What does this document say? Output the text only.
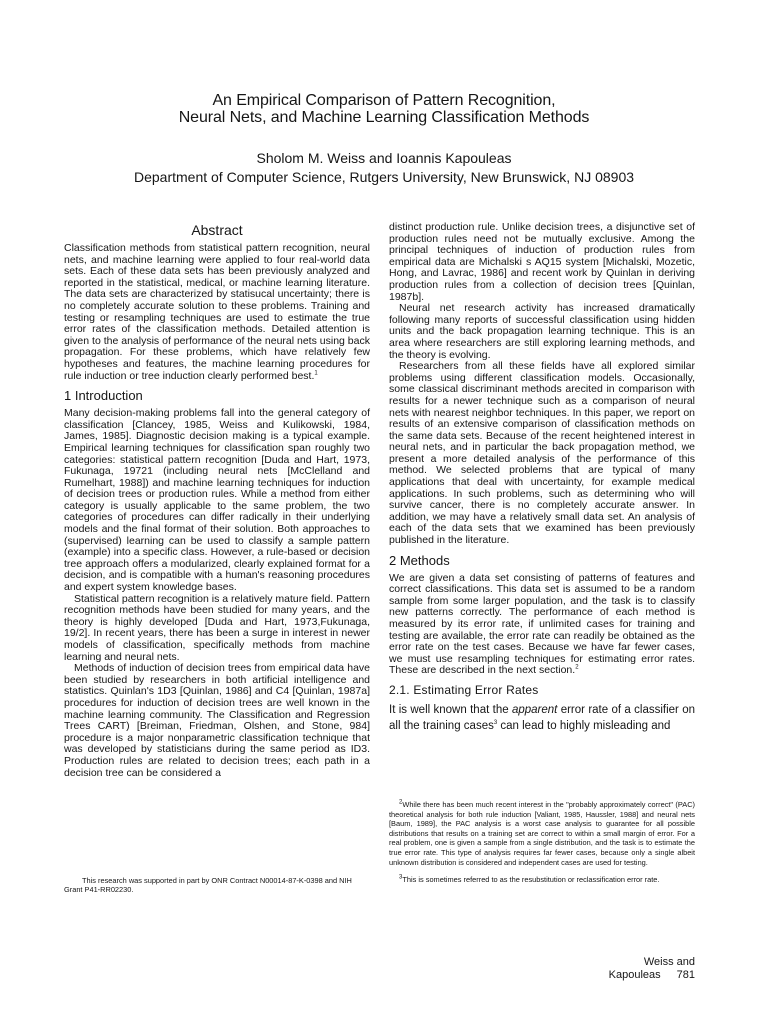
An Empirical Comparison of Pattern Recognition,
Neural Nets, and Machine Learning Classification Methods
Sholom M. Weiss and Ioannis Kapouleas
Department of Computer Science, Rutgers University, New Brunswick, NJ 08903
Abstract

Classification methods from statistical pattern recognition, neural nets, and machine learning were applied to four real-world data sets. Each of these data sets has been previously analyzed and reported in the statistical, medical, or machine learning literature. The data sets are characterized by statisucal uncertainty; there is no completely accurate solution to these problems. Training and testing or resampling techniques are used to estimate the true error rates of the classification methods. Detailed attention is given to the analysis of performance of the neural nets using back propagation. For these problems, which have relatively few hypotheses and features, the machine learning procedures for rule induction or tree induction clearly performed best.$^1$

1 Introduction

Many decision-making problems fall into the general category of classification [Clancey, 1985, Weiss and Kulikowski, 1984, James, 1985]. Diagnostic decision making is a typical example. Empirical learning techniques for classification span roughly two categories: statistical pattern recognition [Duda and Hart, 1973, Fukunaga, 19721 (including neural nets [McClelland and Rumelhart, 1988]) and machine learning techniques for induction of decision trees or production rules. While a method from either category is usually applicable to the same problem, the two categories of procedures can differ radically in their underlying models and the final format of their solution. Both approaches to (supervised) learning can be used to classify a sample pattern (example) into a specific class. However, a rule-based or decision tree approach offers a modularized, clearly explained format for a decision, and is compatible with a human's reasoning procedures and expert system knowledge bases.

Statistical pattern recognition is a relatively mature field. Pattern recognition methods have been studied for many years, and the theory is highly developed [Duda and Hart, 1973,Fukunaga, 19/2]. In recent years, there has been a surge in interest in newer models of classification, specifically methods from machine learning and neural nets.

Methods of induction of decision trees from empirical data have been studied by researchers in both artificial intelligence and statistics. Quinlan's 1D3 [Quinlan, 1986] and C4 [Quinlan, 1987a] procedures for induction of decision trees are well known in the machine learning community. The Classification and Regression Trees CART) [Breiman, Friedman, Olshen, and Stone, 984] procedure is a major nonparametric classification technique that was developed by statisticians during the same period as ID3. Production rules are related to decision trees; each path in a decision tree can be considered a

distinct production rule. Unlike decision trees, a disjunctive set of production rules need not be mutually exclusive. Among the principal techniques of induction of production rules from empirical data are Michalski s AQ15 system [Michalski, Mozetic, Hong, and Lavrac, 1986] and recent work by Quinlan in deriving production rules from a collection of decision trees [Quinlan, 1987b].

Neural net research activity has increased dramatically following many reports of successful classification using hidden units and the back propagation learning technique. This is an area where researchers are still exploring learning methods, and the theory is evolving.

Researchers from all these fields have all explored similar problems using different classification models. Occasionally, some classical discriminant methods arecited in comparison with results for a newer technique such as a comparison of neural nets with nearest neighbor techniques. In this paper, we report on results of an extensive comparison of classification methods on the same data sets. Because of the recent heightened interest in neural nets, and in particular the back propagation method, we present a more detailed analysis of the performance of this method. We selected problems that are typical of many applications that deal with uncertainty, for example medical applications. In such problems, such as determining who will survive cancer, there is no completely accurate answer. In addition, we may have a relatively small data set. An analysis of each of the data sets that we examined has been previously published in the literature.

2 Methods

We are given a data set consisting of patterns of features and correct classifications. This data set is assumed to be a random sample from some larger population, and the task is to classify new patterns correctly. The performance of each method is measured by its error rate, if unlimited cases for training and testing are available, the error rate can readily be obtained as the error rate on the test cases. Because we have far fewer cases, we must use resampling techniques for estimating error rates. These are described in the next section.$^2$

2.1. Estimating Error Rates

It is well known that the apparent error rate of a classifier on all the training cases$^3$ can lead to highly misleading and

This research was supported in part by ONR Contract N00014-87-K-0398 and NIH Grant P41-RR02230.

$^2$While there has been much recent interest in the "probably approximately correct" (PAC) theoretical analysis for both rule induction [Valiant, 1985, Haussler, 1988] and neural nets [Baum, 1989], the PAC analysis is a worst case analysis to guarantee for all possible distributions that results on a training set are correct to within a small margin of error. For a real problem, one is given a sample from a single distribution, and the task is to estimate the true error rate. This type of analysis requires far fewer cases, because only a single albeit unknown distribution is considered and independent cases are used for testing.

$^3$This is sometimes referred to as the resubstitution or reclassification error rate.

Weiss and Kapouleas 781
